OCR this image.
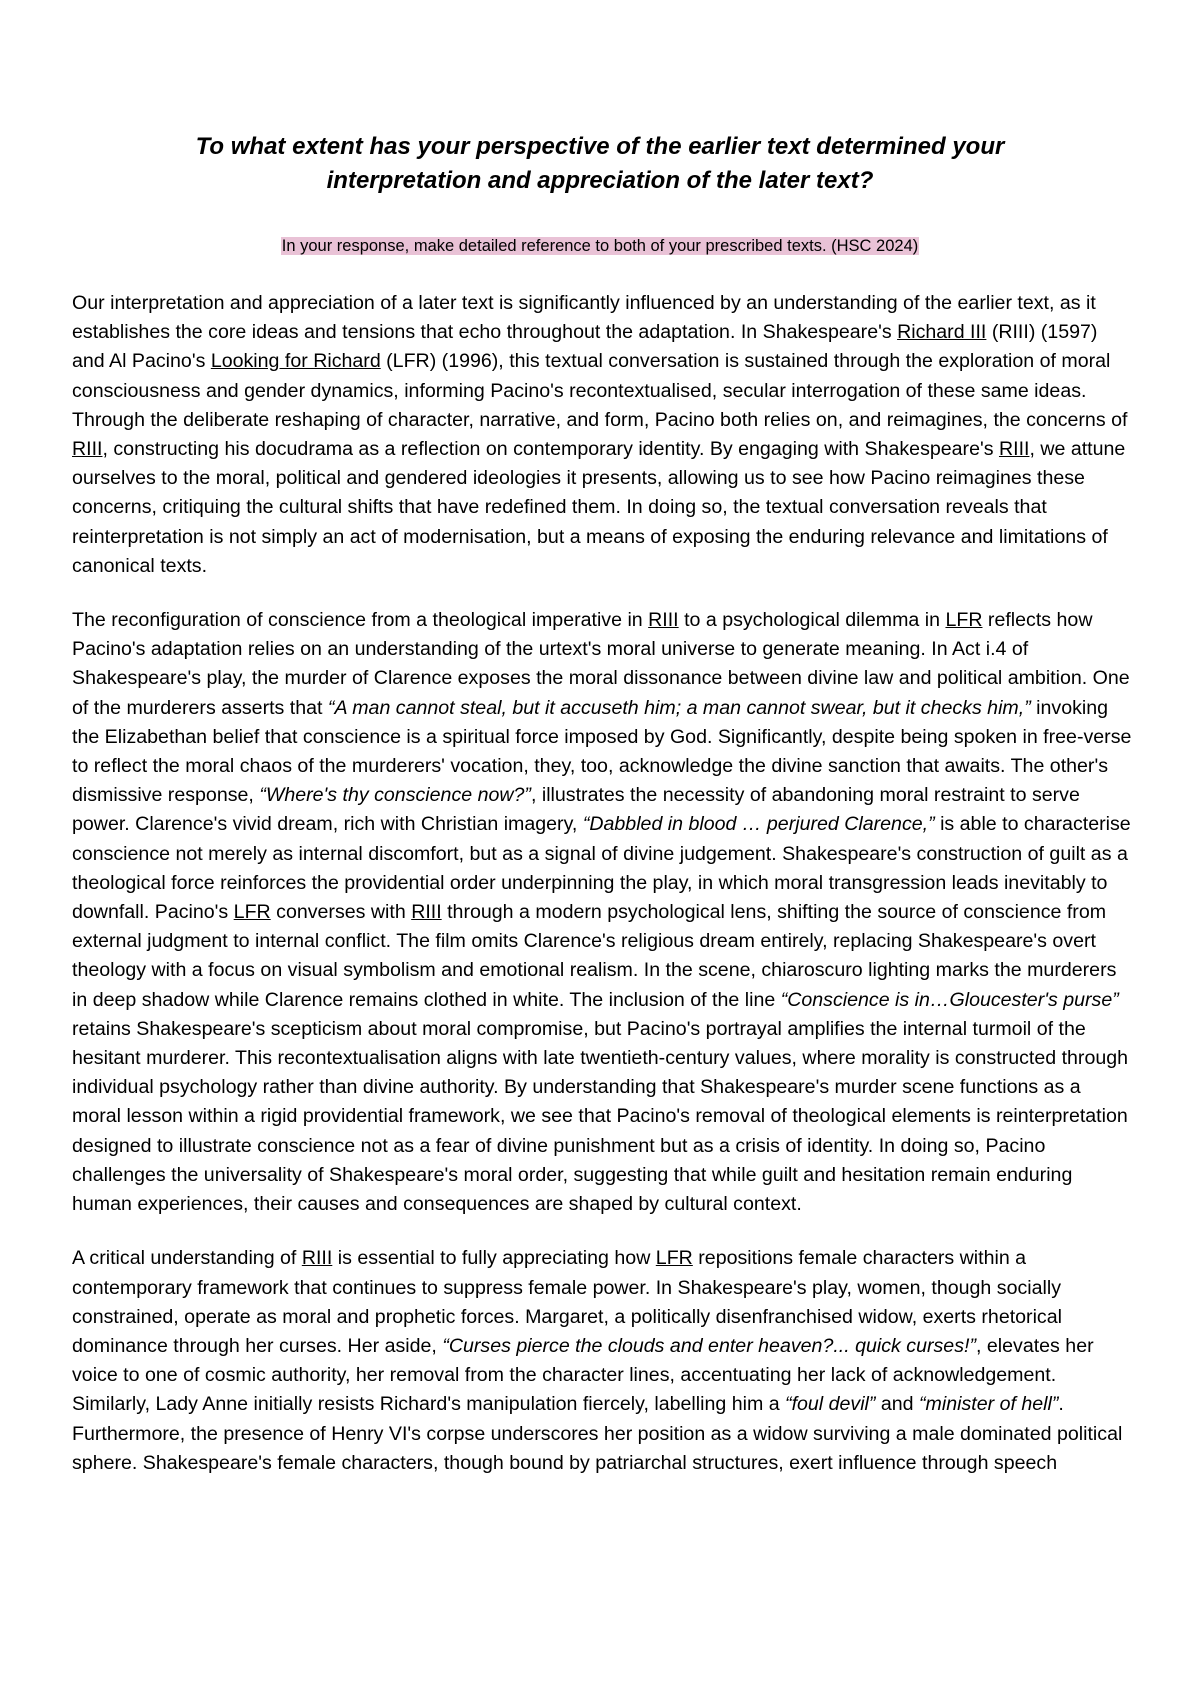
To what extent has your perspective of the earlier text determined your
interpretation and appreciation of the later text?
In your response, make detailed reference to both of your prescribed texts. (HSC 2024)

Our interpretation and appreciation of a later text is significantly influenced by an understanding of the earlier text, as it establishes the core ideas and tensions that echo throughout the adaptation. In Shakespeare's Richard III (RIII) (1597) and Al Pacino's Looking for Richard (LFR) (1996), this textual conversation is sustained through the exploration of moral consciousness and gender dynamics, informing Pacino's recontextualised, secular interrogation of these same ideas. Through the deliberate reshaping of character, narrative, and form, Pacino both relies on, and reimagines, the concerns of RIII, constructing his docudrama as a reflection on contemporary identity. By engaging with Shakespeare's RIII, we attune ourselves to the moral, political and gendered ideologies it presents, allowing us to see how Pacino reimagines these concerns, critiquing the cultural shifts that have redefined them. In doing so, the textual conversation reveals that reinterpretation is not simply an act of modernisation, but a means of exposing the enduring relevance and limitations of canonical texts.

The reconfiguration of conscience from a theological imperative in RIII to a psychological dilemma in LFR reflects how Pacino's adaptation relies on an understanding of the urtext's moral universe to generate meaning. In Act i.4 of Shakespeare's play, the murder of Clarence exposes the moral dissonance between divine law and political ambition. One of the murderers asserts that “A man cannot steal, but it accuseth him; a man cannot swear, but it checks him,” invoking the Elizabethan belief that conscience is a spiritual force imposed by God. Significantly, despite being spoken in free-verse to reflect the moral chaos of the murderers' vocation, they, too, acknowledge the divine sanction that awaits. The other's dismissive response, “Where's thy conscience now?”, illustrates the necessity of abandoning moral restraint to serve power. Clarence's vivid dream, rich with Christian imagery, “Dabbled in blood … perjured Clarence,” is able to characterise conscience not merely as internal discomfort, but as a signal of divine judgement. Shakespeare's construction of guilt as a theological force reinforces the providential order underpinning the play, in which moral transgression leads inevitably to downfall. Pacino's LFR converses with RIII through a modern psychological lens, shifting the source of conscience from external judgment to internal conflict. The film omits Clarence's religious dream entirely, replacing Shakespeare's overt theology with a focus on visual symbolism and emotional realism. In the scene, chiaroscuro lighting marks the murderers in deep shadow while Clarence remains clothed in white. The inclusion of the line “Conscience is in…Gloucester's purse” retains Shakespeare's scepticism about moral compromise, but Pacino's portrayal amplifies the internal turmoil of the hesitant murderer. This recontextualisation aligns with late twentieth-century values, where morality is constructed through individual psychology rather than divine authority. By understanding that Shakespeare's murder scene functions as a moral lesson within a rigid providential framework, we see that Pacino's removal of theological elements is reinterpretation designed to illustrate conscience not as a fear of divine punishment but as a crisis of identity. In doing so, Pacino challenges the universality of Shakespeare's moral order, suggesting that while guilt and hesitation remain enduring human experiences, their causes and consequences are shaped by cultural context.

A critical understanding of RIII is essential to fully appreciating how LFR repositions female characters within a contemporary framework that continues to suppress female power. In Shakespeare's play, women, though socially constrained, operate as moral and prophetic forces. Margaret, a politically disenfranchised widow, exerts rhetorical dominance through her curses. Her aside, “Curses pierce the clouds and enter heaven?... quick curses!”, elevates her voice to one of cosmic authority, her removal from the character lines, accentuating her lack of acknowledgement. Similarly, Lady Anne initially resists Richard's manipulation fiercely, labelling him a “foul devil” and “minister of hell”. Furthermore, the presence of Henry VI's corpse underscores her position as a widow surviving a male dominated political sphere. Shakespeare's female characters, though bound by patriarchal structures, exert influence through speech
